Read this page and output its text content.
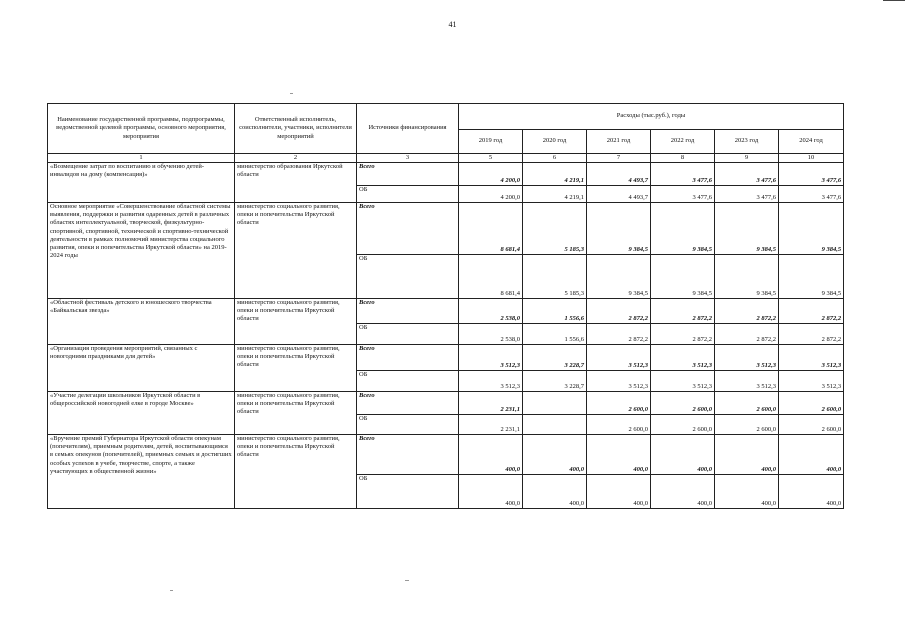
41
Наименование государственной программы, подпрограммы, ведомственной целевой программы, основного мероприятия, мероприятия	Ответственный исполнитель, соисполнители, участники, исполнители мероприятий	Источники финансирования	Расходы (тыс.руб.), годы					
			2019 год	2020 год	2021 год	2022 год	2023 год	2024 год
1	2	3	5	6	7	8	9	10
«Возмещение затрат по воспитанию и обучению детей-инвалидов на дому (компенсация)»	министерство образования Иркутской области	Всего	4 200,0	4 219,1	4 493,7	3 477,6	3 477,6	3 477,6
		ОБ	4 200,0	4 219,1	4 493,7	3 477,6	3 477,6	3 477,6
Основное мероприятие «Совершенствование областной системы выявления, поддержки и развития одаренных детей в различных областях интеллектуальной, творческой, физкультурно-спортивной, спортивной, технической и спортивно-технической деятельности в рамках полномочий министерства социального развития, опеки и попечительства Иркутской области» на 2019-2024 годы	министерство социального развития, опеки и попечительства Иркутской области	Всего	8 681,4	5 185,3	9 384,5	9 384,5	9 384,5	9 384,5
		ОБ	8 681,4	5 185,3	9 384,5	9 384,5	9 384,5	9 384,5
«Областной фестиваль детского и юношеского творчества «Байкальская звезда»	министерство социального развития, опеки и попечительства Иркутской области	Всего	2 538,0	1 556,6	2 872,2	2 872,2	2 872,2	2 872,2
		ОБ	2 538,0	1 556,6	2 872,2	2 872,2	2 872,2	2 872,2
«Организация проведения мероприятий, связанных с новогодними праздниками для детей»	министерство социального развития, опеки и попечительства Иркутской области	Всего	3 512,3	3 228,7	3 512,3	3 512,3	3 512,3	3 512,3
		ОБ	3 512,3	3 228,7	3 512,3	3 512,3	3 512,3	3 512,3
«Участие делегации школьников Иркутской области в общероссийской новогодней елке в городе Москве»	министерство социального развития, опеки и попечительства Иркутской области	Всего	2 231,1		2 600,0	2 600,0	2 600,0	2 600,0
		ОБ	2 231,1		2 600,0	2 600,0	2 600,0	2 600,0
«Вручение премий Губернатора Иркутской области опекунам (попечителям), приемным родителям, детей, воспитывающимся в семьях опекунов (попечителей), приемных семьях и достигших особых успехов в учебе, творчестве, спорте, а также участвующих в общественной жизни»	министерство социального развития, опеки и попечительства Иркутской области	Всего	400,0	400,0	400,0	400,0	400,0	400,0
		ОБ	400,0	400,0	400,0	400,0	400,0	400,0
